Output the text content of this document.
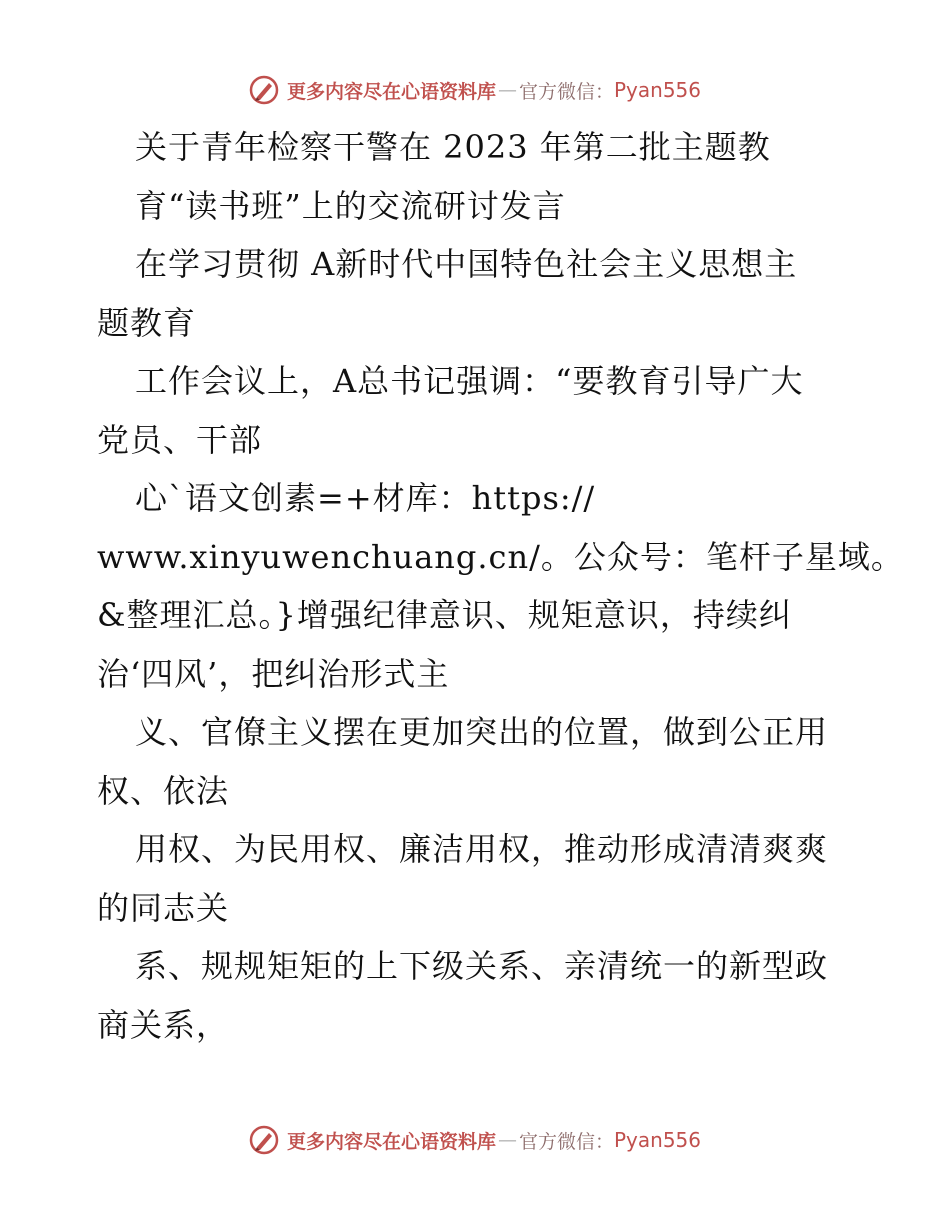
更多内容尽在心语资料库 — 官方微信： Pyan556
关于青年检察干警在 2023 年第二批主题教
育“读书班”上的交流研讨发言
在学习贯彻 A新时代中国特色社会主义思想主
题教育
工作会议上，A总书记强调：“要教育引导广大
党员、干部
心`语文创素=+材库：https://
www.xinyuwenchuang.cn/。公众号：笔杆子星域。
&整理汇总。}增强纪律意识、规矩意识，持续纠
治‘四风’，把纠治形式主
义、官僚主义摆在更加突出的位置，做到公正用
权、依法
用权、为民用权、廉洁用权，推动形成清清爽爽
的同志关
系、规规矩矩的上下级关系、亲清统一的新型政
商关系，
更多内容尽在心语资料库 — 官方微信： Pyan556
